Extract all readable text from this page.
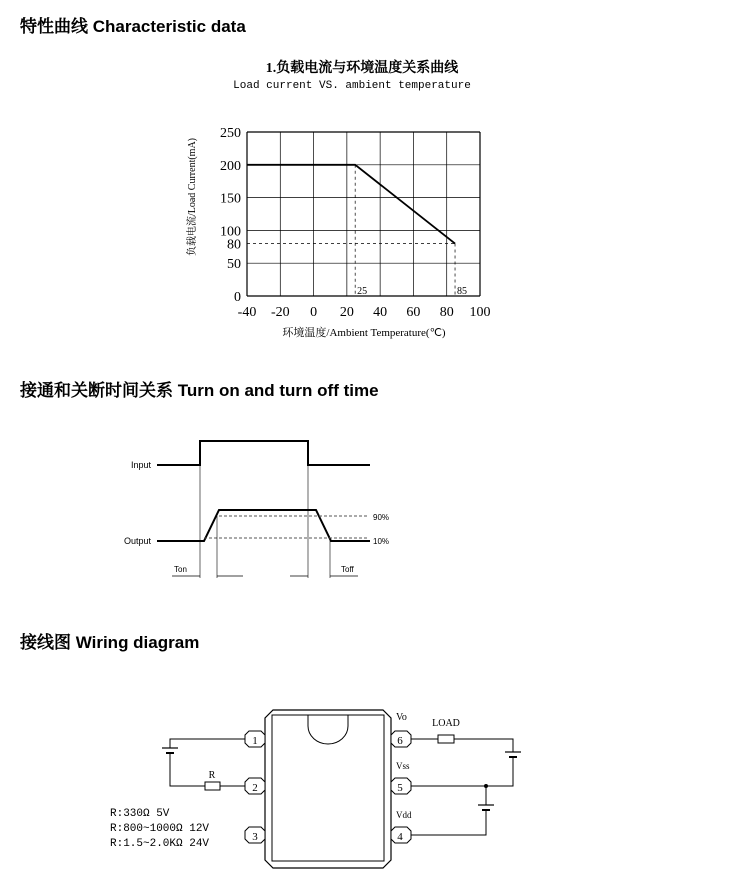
特性曲线 Characteristic data
接通和关断时间关系 Turn on and turn off time
接线图 Wiring diagram
1.负载电流与环境温度关系曲线
Load current VS. ambient temperature
负载电流/Load Current(mA)
环境温度/Ambient Temperature(℃)
-40 -20 0 20 40 60 80 100
0
50
80
100
150
200
250
25	85
Input
Output
90%
10%
Ton	Toff
1
2
3
6
5
4
Vo
Vss
Vdd
R
LOAD
R:330Ω 5V
R:800~1000Ω 12V
R:1.5~2.0KΩ 24V
